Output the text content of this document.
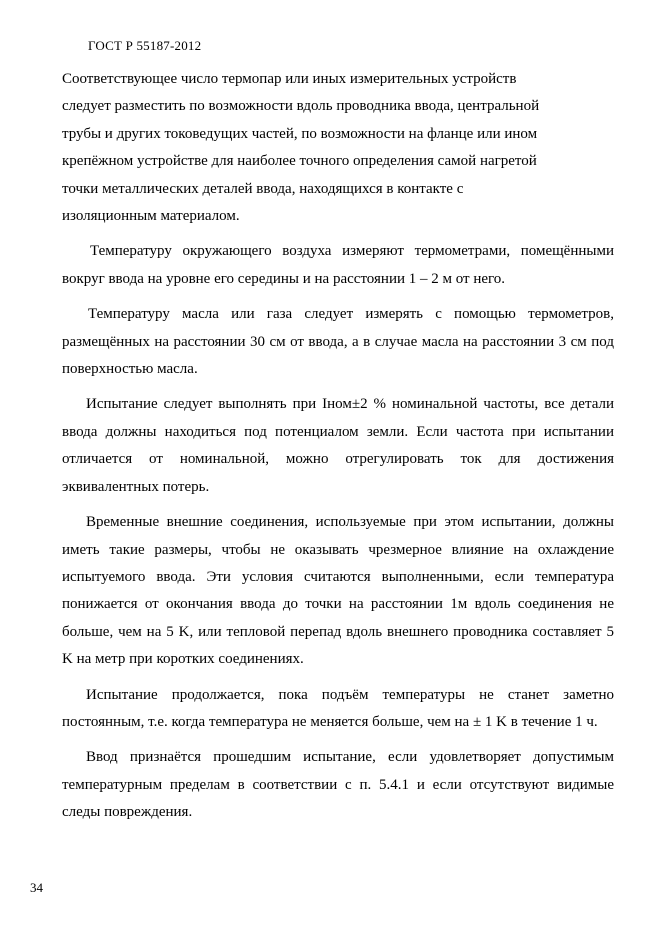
ГОСТ Р 55187-2012
Соответствующее число термопар или иных измерительных устройств
следует разместить по возможности вдоль проводника ввода, центральной
трубы и других токоведущих частей, по возможности на фланце или ином
крепёжном устройстве для наиболее точного определения самой нагретой
точки металлических деталей ввода, находящихся в контакте с
изоляционным материалом.

Температуру окружающего воздуха измеряют термометрами, помещёнными вокруг ввода на уровне его середины и на расстоянии 1 – 2 м от него.

Температуру масла или газа следует измерять с помощью термометров, размещённых на расстоянии 30 см от ввода, а в случае масла на расстоянии 3 см под поверхностью масла.

Испытание следует выполнять при Iном±2 % номинальной частоты, все детали ввода должны находиться под потенциалом земли. Если частота при испытании отличается от номинальной, можно отрегулировать ток для достижения эквивалентных потерь.

Временные внешние соединения, используемые при этом испытании, должны иметь такие размеры, чтобы не оказывать чрезмерное влияние на охлаждение испытуемого ввода. Эти условия считаются выполненными, если температура понижается от окончания ввода до точки на расстоянии 1м вдоль соединения не больше, чем на 5 K, или тепловой перепад вдоль внешнего проводника составляет 5 K на метр при коротких соединениях.

Испытание продолжается, пока подъём температуры не станет заметно постоянным, т.е. когда температура не меняется больше, чем на ± 1 K в течение 1 ч.

Ввод признаётся прошедшим испытание, если удовлетворяет допустимым температурным пределам в соответствии с п. 5.4.1 и если отсутствуют видимые следы повреждения.

34
